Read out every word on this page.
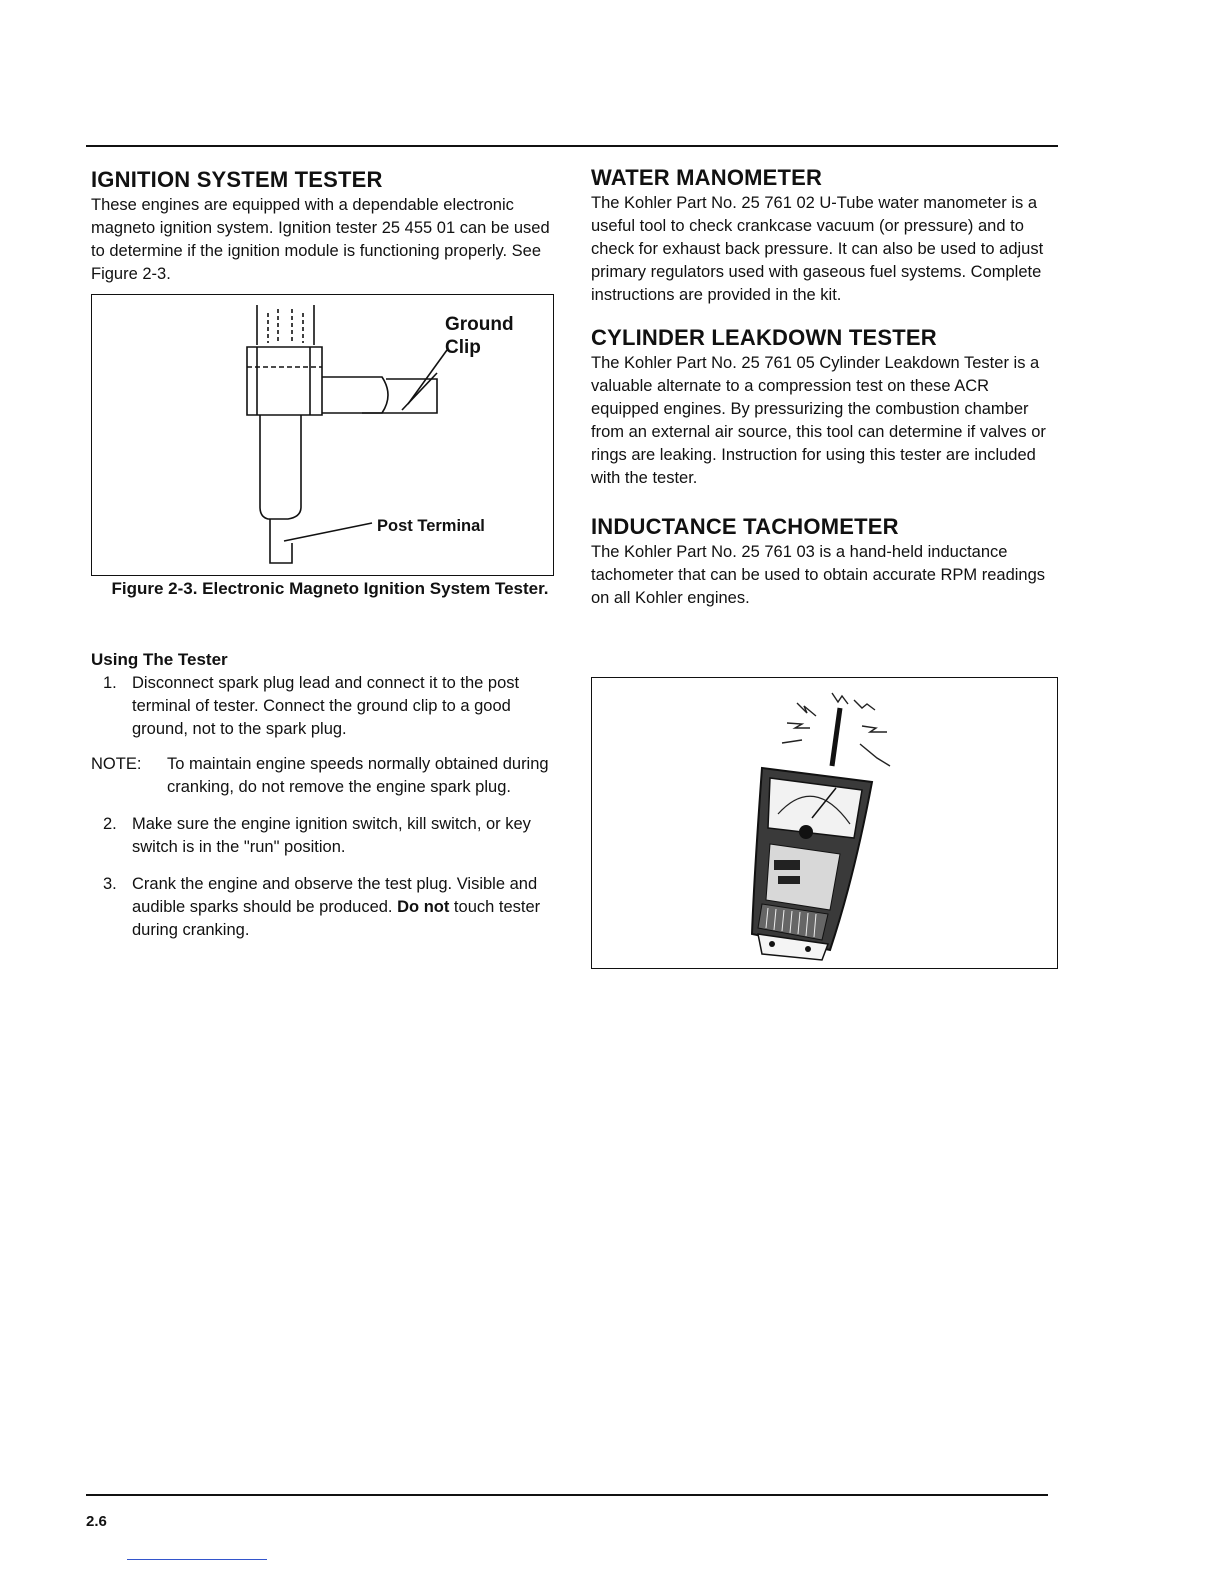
IGNITION SYSTEM TESTER

These engines are equipped with a dependable electronic magneto ignition system. Ignition tester 25 455 01 can be used to determine if the ignition module is functioning properly. See Figure 2-3.

Ground
Clip
Post Terminal
Figure 2-3. Electronic Magneto Ignition System Tester.
Using The Tester
1. Disconnect spark plug lead and connect it to the post terminal of tester. Connect the ground clip to a good ground, not to the spark plug.
NOTE: To maintain engine speeds normally obtained during cranking, do not remove the engine spark plug.
2. Make sure the engine ignition switch, kill switch, or key switch is in the "run" position.
3. Crank the engine and observe the test plug. Visible and audible sparks should be produced. Do not touch tester during cranking.
WATER MANOMETER

The Kohler Part No. 25 761 02 U-Tube water manometer is a useful tool to check crankcase vacuum (or pressure) and to check for exhaust back pressure. It can also be used to adjust primary regulators used with gaseous fuel systems. Complete instructions are provided in the kit.

CYLINDER LEAKDOWN TESTER

The Kohler Part No. 25 761 05 Cylinder Leakdown Tester is a valuable alternate to a compression test on these ACR equipped engines. By pressurizing the combustion chamber from an external air source, this tool can determine if valves or rings are leaking. Instruction for using this tester are included with the tester.

INDUCTANCE TACHOMETER

The Kohler Part No. 25 761 03 is a hand-held inductance tachometer that can be used to obtain accurate RPM readings on all Kohler engines.

2.6
